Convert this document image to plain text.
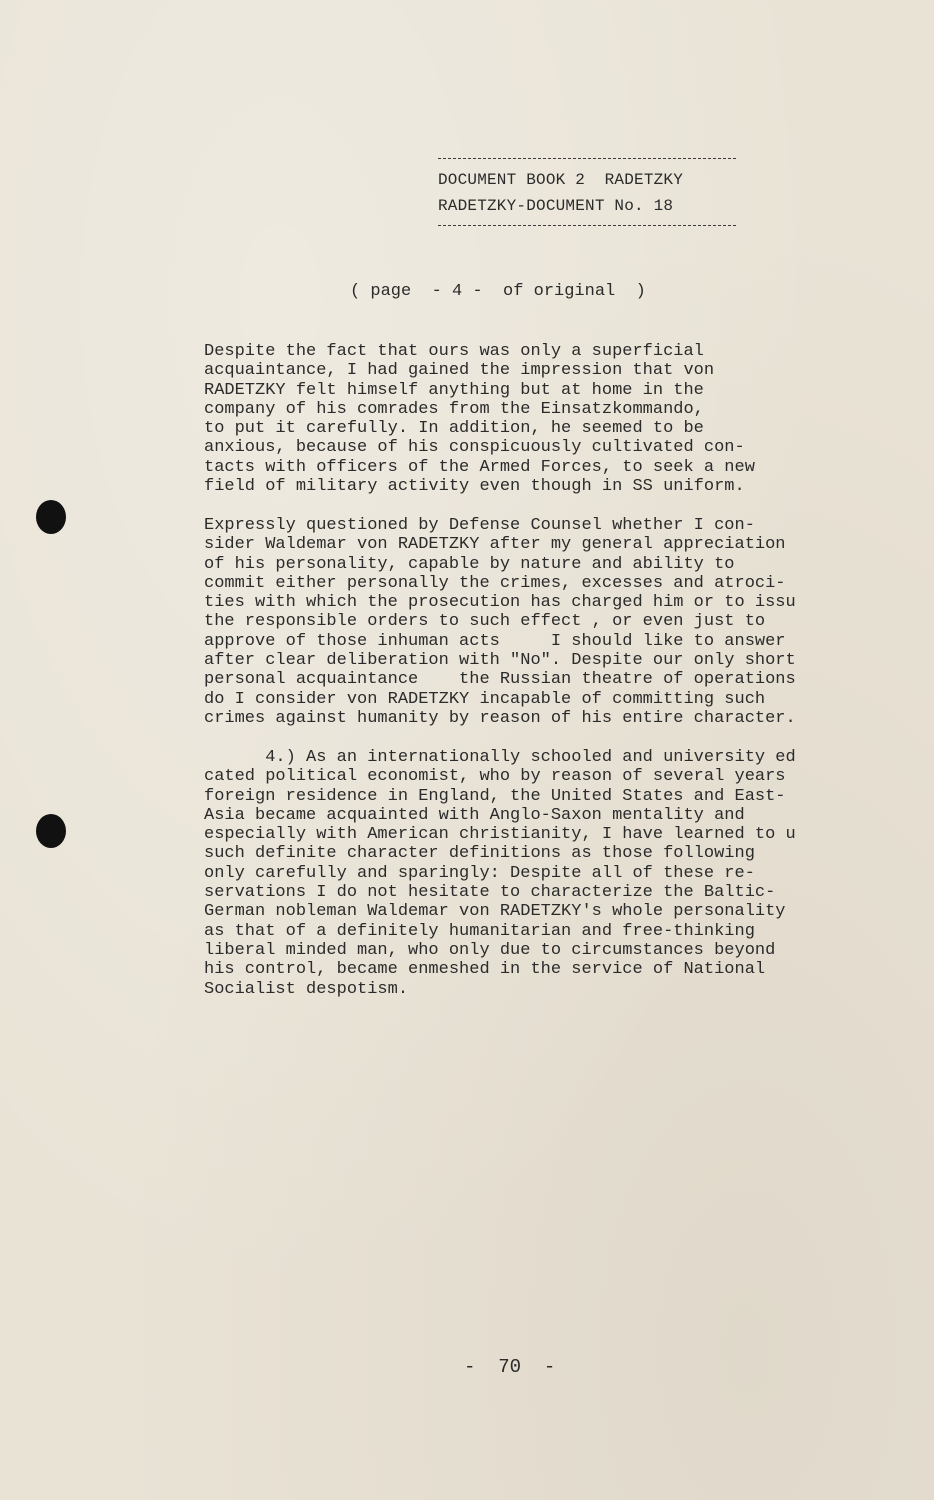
DOCUMENT BOOK 2  RADETZKY
RADETZKY-DOCUMENT No. 18
( page  - 4 -  of original  )
Despite the fact that ours was only a superficial
acquaintance, I had gained the impression that von
RADETZKY felt himself anything but at home in the
company of his comrades from the Einsatzkommando,
to put it carefully. In addition, he seemed to be
anxious, because of his conspicuously cultivated con-
tacts with officers of the Armed Forces, to seek a new
field of military activity even though in SS uniform.
Expressly questioned by Defense Counsel whether I con-
sider Waldemar von RADETZKY after my general appreciation
of his personality, capable by nature and ability to
commit either personally the crimes, excesses and atroci-
ties with which the prosecution has charged him or to issu
the responsible orders to such effect , or even just to
approve of those inhuman acts     I should like to answer
after clear deliberation with "No". Despite our only short
personal acquaintance    the Russian theatre of operations
do I consider von RADETZKY incapable of committing such
crimes against humanity by reason of his entire character.
4.) As an internationally schooled and university ed
cated political economist, who by reason of several years
foreign residence in England, the United States and East-
Asia became acquainted with Anglo-Saxon mentality and
especially with American christianity, I have learned to u
such definite character definitions as those following
only carefully and sparingly: Despite all of these re-
servations I do not hesitate to characterize the Baltic-
German nobleman Waldemar von RADETZKY's whole personality
as that of a definitely humanitarian and free-thinking
liberal minded man, who only due to circumstances beyond
his control, became enmeshed in the service of National
Socialist despotism.
-  70  -
